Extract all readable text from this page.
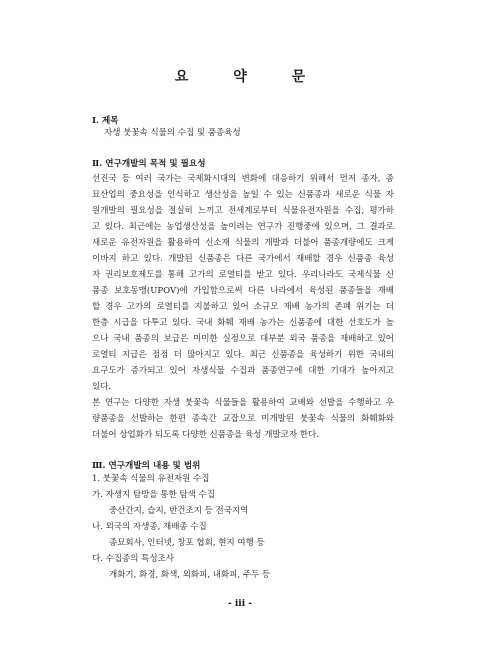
요 약 문
Ⅰ. 제목
자생 붓꽃속 식물의 수집 및 품종육성
Ⅱ. 연구개발의 목적 및 필요성
선진국 등 여러 국가는 국제화시대의 변화에 대응하기 위해서 먼저 종자, 종
묘산업의 중요성을 인식하고 생산성을 높일 수 있는 신품종과 새로운 식물 자
원개발의 필요성을 절실히 느끼고 전세계로부터 식물유전자원을 수집, 평가하
고 있다. 최근에는 농업생산성을 높이려는 연구가 진행중에 있으며, 그 결과로
새로운 유전자원을 활용하여 신소재 식물의 개발과 더불어 품종개량에도 크게
이바지 하고 있다. 개발된 신품종은 다른 국가에서 재배할 경우 신품종 육성
자 권리보호제도를 통해 고가의 로열티를 받고 있다. 우리나라도 국제식물 신
품종 보호동맹(UPOV)에 가입함으로써 다른 나라에서 육성된 품종들을 재배
할 경우 고가의 로열티를 지불하고 있어 소규모 재배 농가의 존폐 위기는 더
한층 시급을 다투고 있다. 국내 화훼 재배 농가는 신품종에 대한 선호도가 높
으나 국내 품종의 보급은 미미한 실정으로 대부분 외국 품종을 재배하고 있어
로열티 지급은 점점 더 많아지고 있다. 최근 신품종을 육성하기 위한 국내의
요구도가 증가되고 있어 자생식물 수집과 품종연구에 대한 기대가 높아지고
있다.
본 연구는 다양한 자생 붓꽃속 식물들을 활용하여 교배와 선발을 수행하고 우
량품종을 선발하는 한편 종속간 교잡으로 미개발된 붓꽃속 식물의 화훼화와
더불어 상업화가 되도록 다양한 신품종을 육성 개발코자 한다.
Ⅲ. 연구개발의 내용 및 범위
1. 붓꽃속 식물의 유전자원 수집
가. 자생지 탐방을 통한 탐색 수집
중산간지, 습지, 반건조지 등 전국지역
나. 외국의 자생종, 재배종 수집
종묘회사, 인터넷, 창포 협회, 현지 여행 등
다. 수집종의 특성조사
개화기, 화경, 화색, 외화피, 내화피, 주두 등
- iii -
